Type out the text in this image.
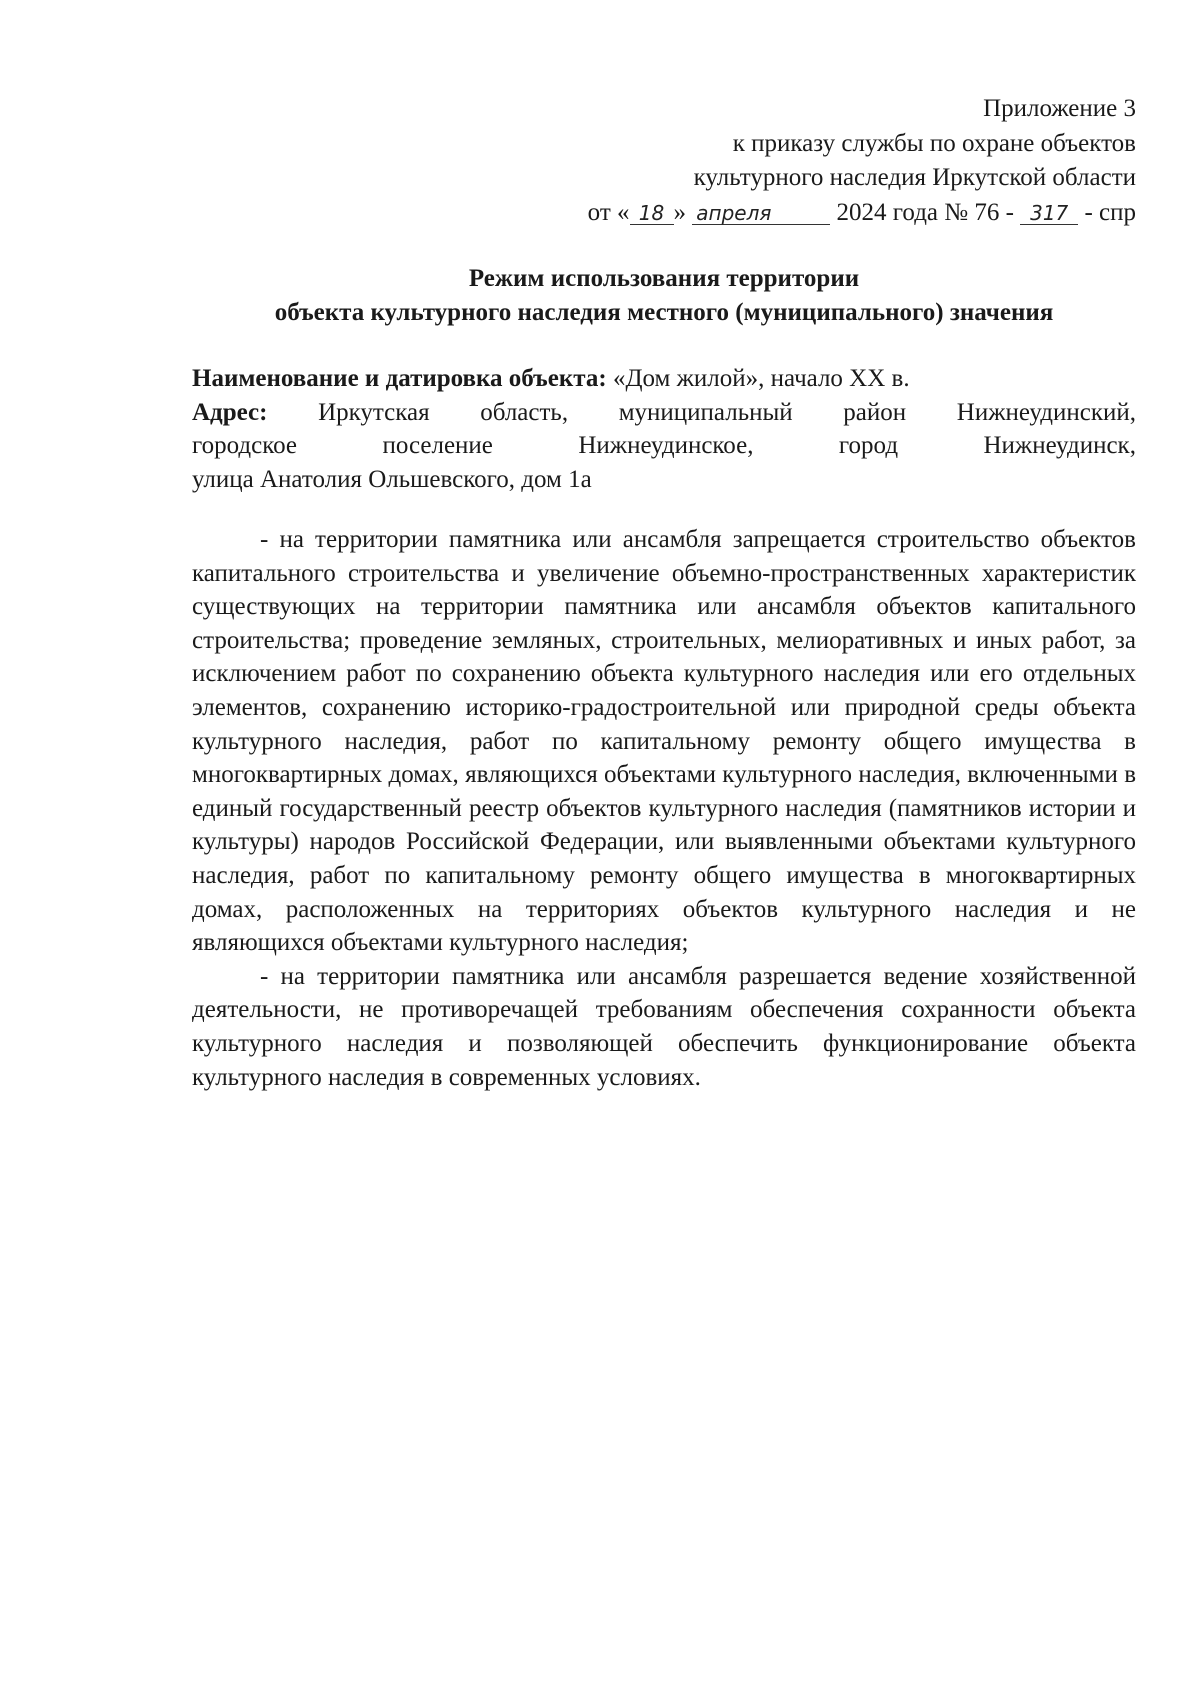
Приложение 3
к приказу службы по охране объектов
культурного наследия Иркутской области
от « 18 » апреля	2024 года № 76 - 317 - спр
Режим использования территории
объекта культурного наследия местного (муниципального) значения
Наименование и датировка объекта: «Дом жилой», начало XX в.
Адрес: Иркутская область, муниципальный район Нижнеудинский,
городское	поселение	Нижнеудинское,	город	Нижнеудинск,
улица Анатолия Ольшевского, дом 1а

- на территории памятника или ансамбля запрещается строительство объектов капитального строительства и увеличение объемно-пространственных характеристик существующих на территории памятника или ансамбля объектов капитального строительства; проведение земляных, строительных, мелиоративных и иных работ, за исключением работ по сохранению объекта культурного наследия или его отдельных элементов, сохранению историко-градостроительной или природной среды объекта культурного наследия, работ по капитальному ремонту общего имущества в многоквартирных домах, являющихся объектами культурного наследия, включенными в единый государственный реестр объектов культурного наследия (памятников истории и культуры) народов Российской Федерации, или выявленными объектами культурного наследия, работ по капитальному ремонту общего имущества в многоквартирных домах, расположенных на территориях объектов культурного наследия и не являющихся объектами культурного наследия;

- на территории памятника или ансамбля разрешается ведение хозяйственной деятельности, не противоречащей требованиям обеспечения сохранности объекта культурного наследия и позволяющей обеспечить функционирование объекта культурного наследия в современных условиях.
